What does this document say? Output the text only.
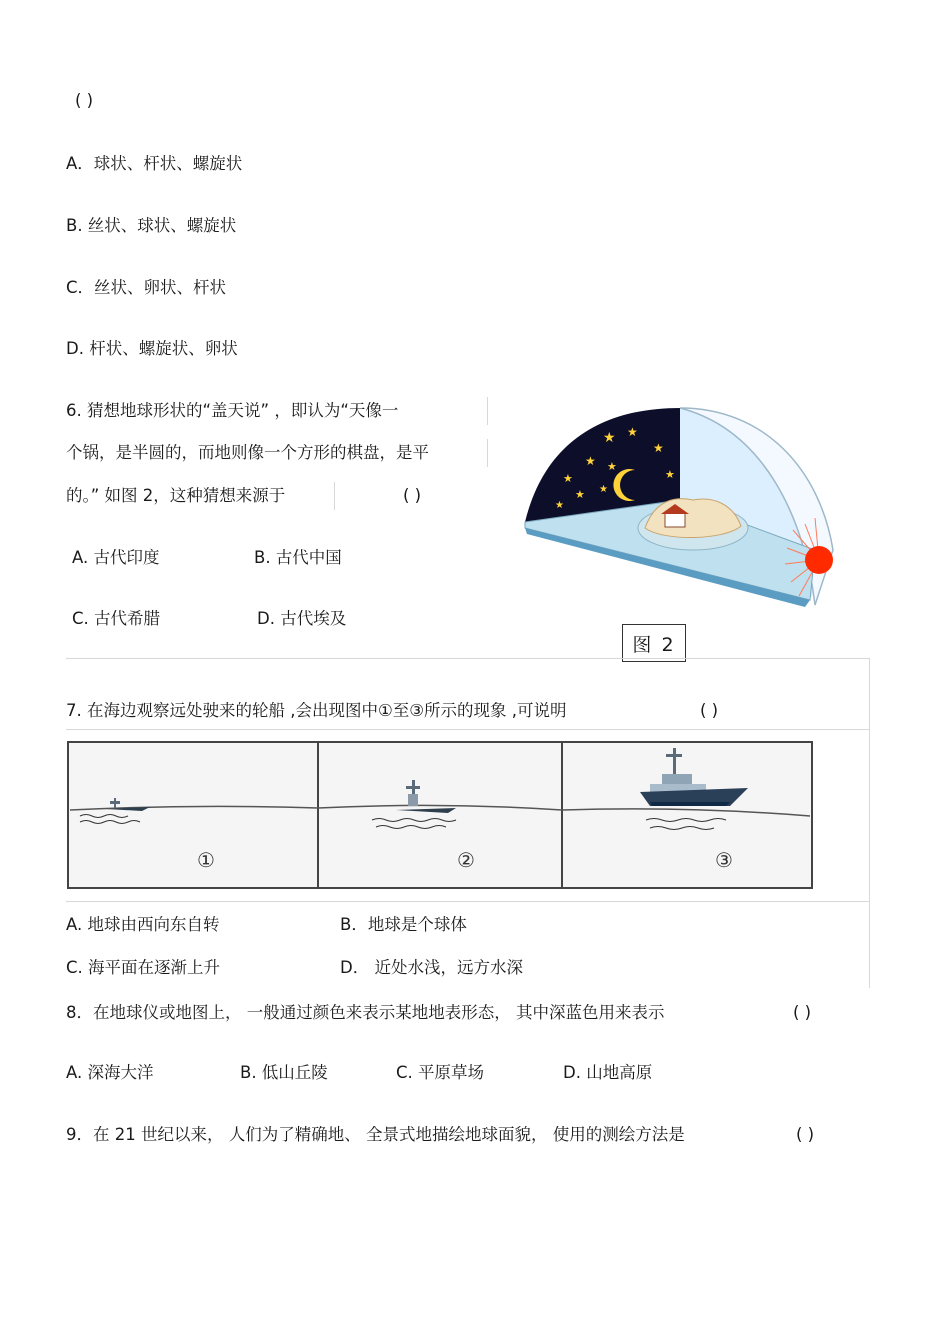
( )
A．球状、杆状、螺旋状
B. 丝状、球状、螺旋状
C．丝状、卵状、杆状
D. 杆状、螺旋状、卵状
6. 猜想地球形状的“盖天说” ，即认为“天像一
个锅，是半圆的，而地则像一个方形的棋盘，是平
的。” 如图 2，这种猜想来源于	( )
A. 古代印度	B. 古代中国
C. 古代希腊	D. 古代埃及
★ ★
★
★
★
★
★
★
★
★
图 2
7. 在海边观察远处驶来的轮船 ,会出现图中①至③所示的现象 ,可说明	( )
①	②	③
A. 地球由西向东自转	B．地球是个球体
C. 海平面在逐渐上升	D． 近处水浅，远方水深
8．在地球仪或地图上， 一般通过颜色来表示某地地表形态， 其中深蓝色用来表示	( )
A. 深海大洋	B. 低山丘陵	C. 平原草场	D. 山地高原
9．在 21 世纪以来， 人们为了精确地、 全景式地描绘地球面貌， 使用的测绘方法是	( )
